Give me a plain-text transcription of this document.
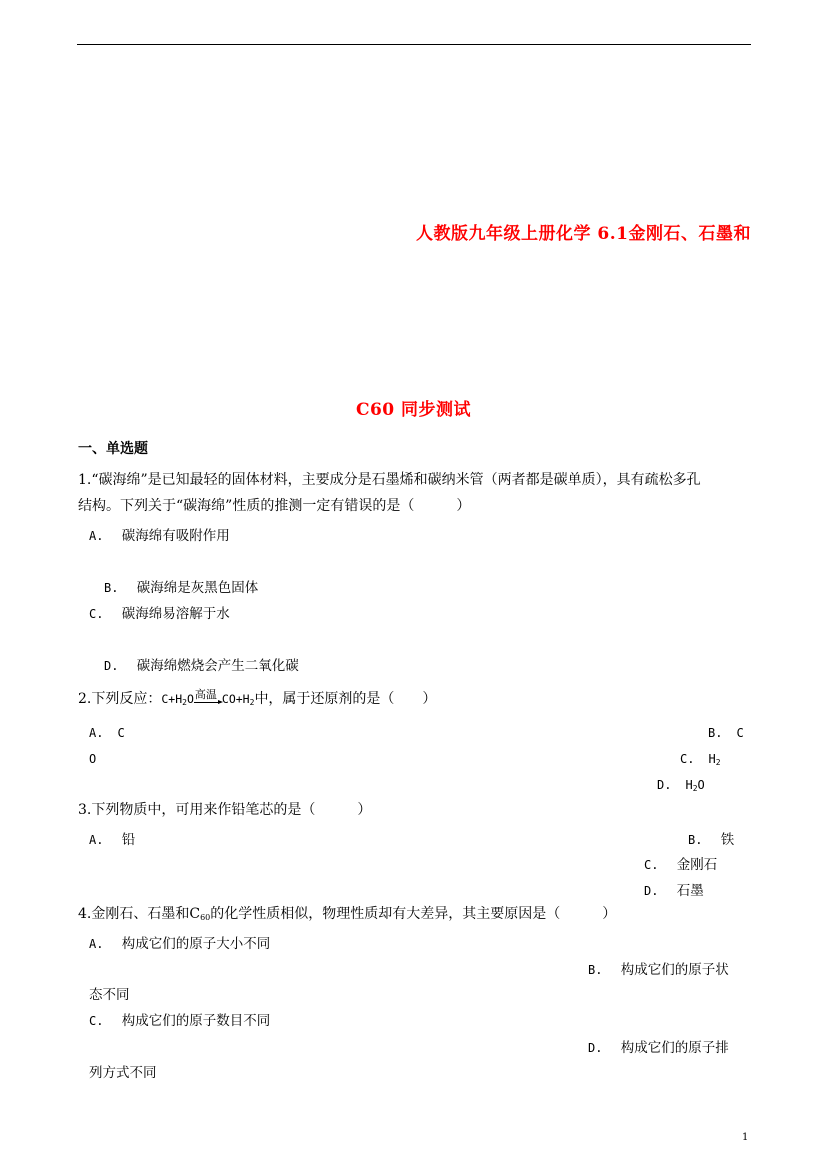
人教版九年级上册化学 6.1金刚石、石墨和
C60 同步测试
一、单选题
1.“碳海绵”是已知最轻的固体材料，主要成分是石墨烯和碳纳米管（两者都是碳单质），具有疏松多孔
结构。下列关于“碳海绵”性质的推测一定有错误的是（　　　）
A. 碳海绵有吸附作用
B. 碳海绵是灰黑色固体
C. 碳海绵易溶解于水
D. 碳海绵燃烧会产生二氧化碳
2.下列反应：$C+H_2O$ 高温 $CO+H_2$中，属于还原剂的是（　　）
A. C	B. C
O	C. $H_2$
D. $H_2O$
3.下列物质中，可用来作铅笔芯的是（　　　）
A. 铅	B. 铁
C. 金刚石
D. 石墨
4.金刚石、石墨和$C_{60}$的化学性质相似，物理性质却有大差异，其主要原因是（　　　）
A. 构成它们的原子大小不同
B. 构成它们的原子状
态不同
C. 构成它们的原子数目不同
D. 构成它们的原子排
列方式不同
1
